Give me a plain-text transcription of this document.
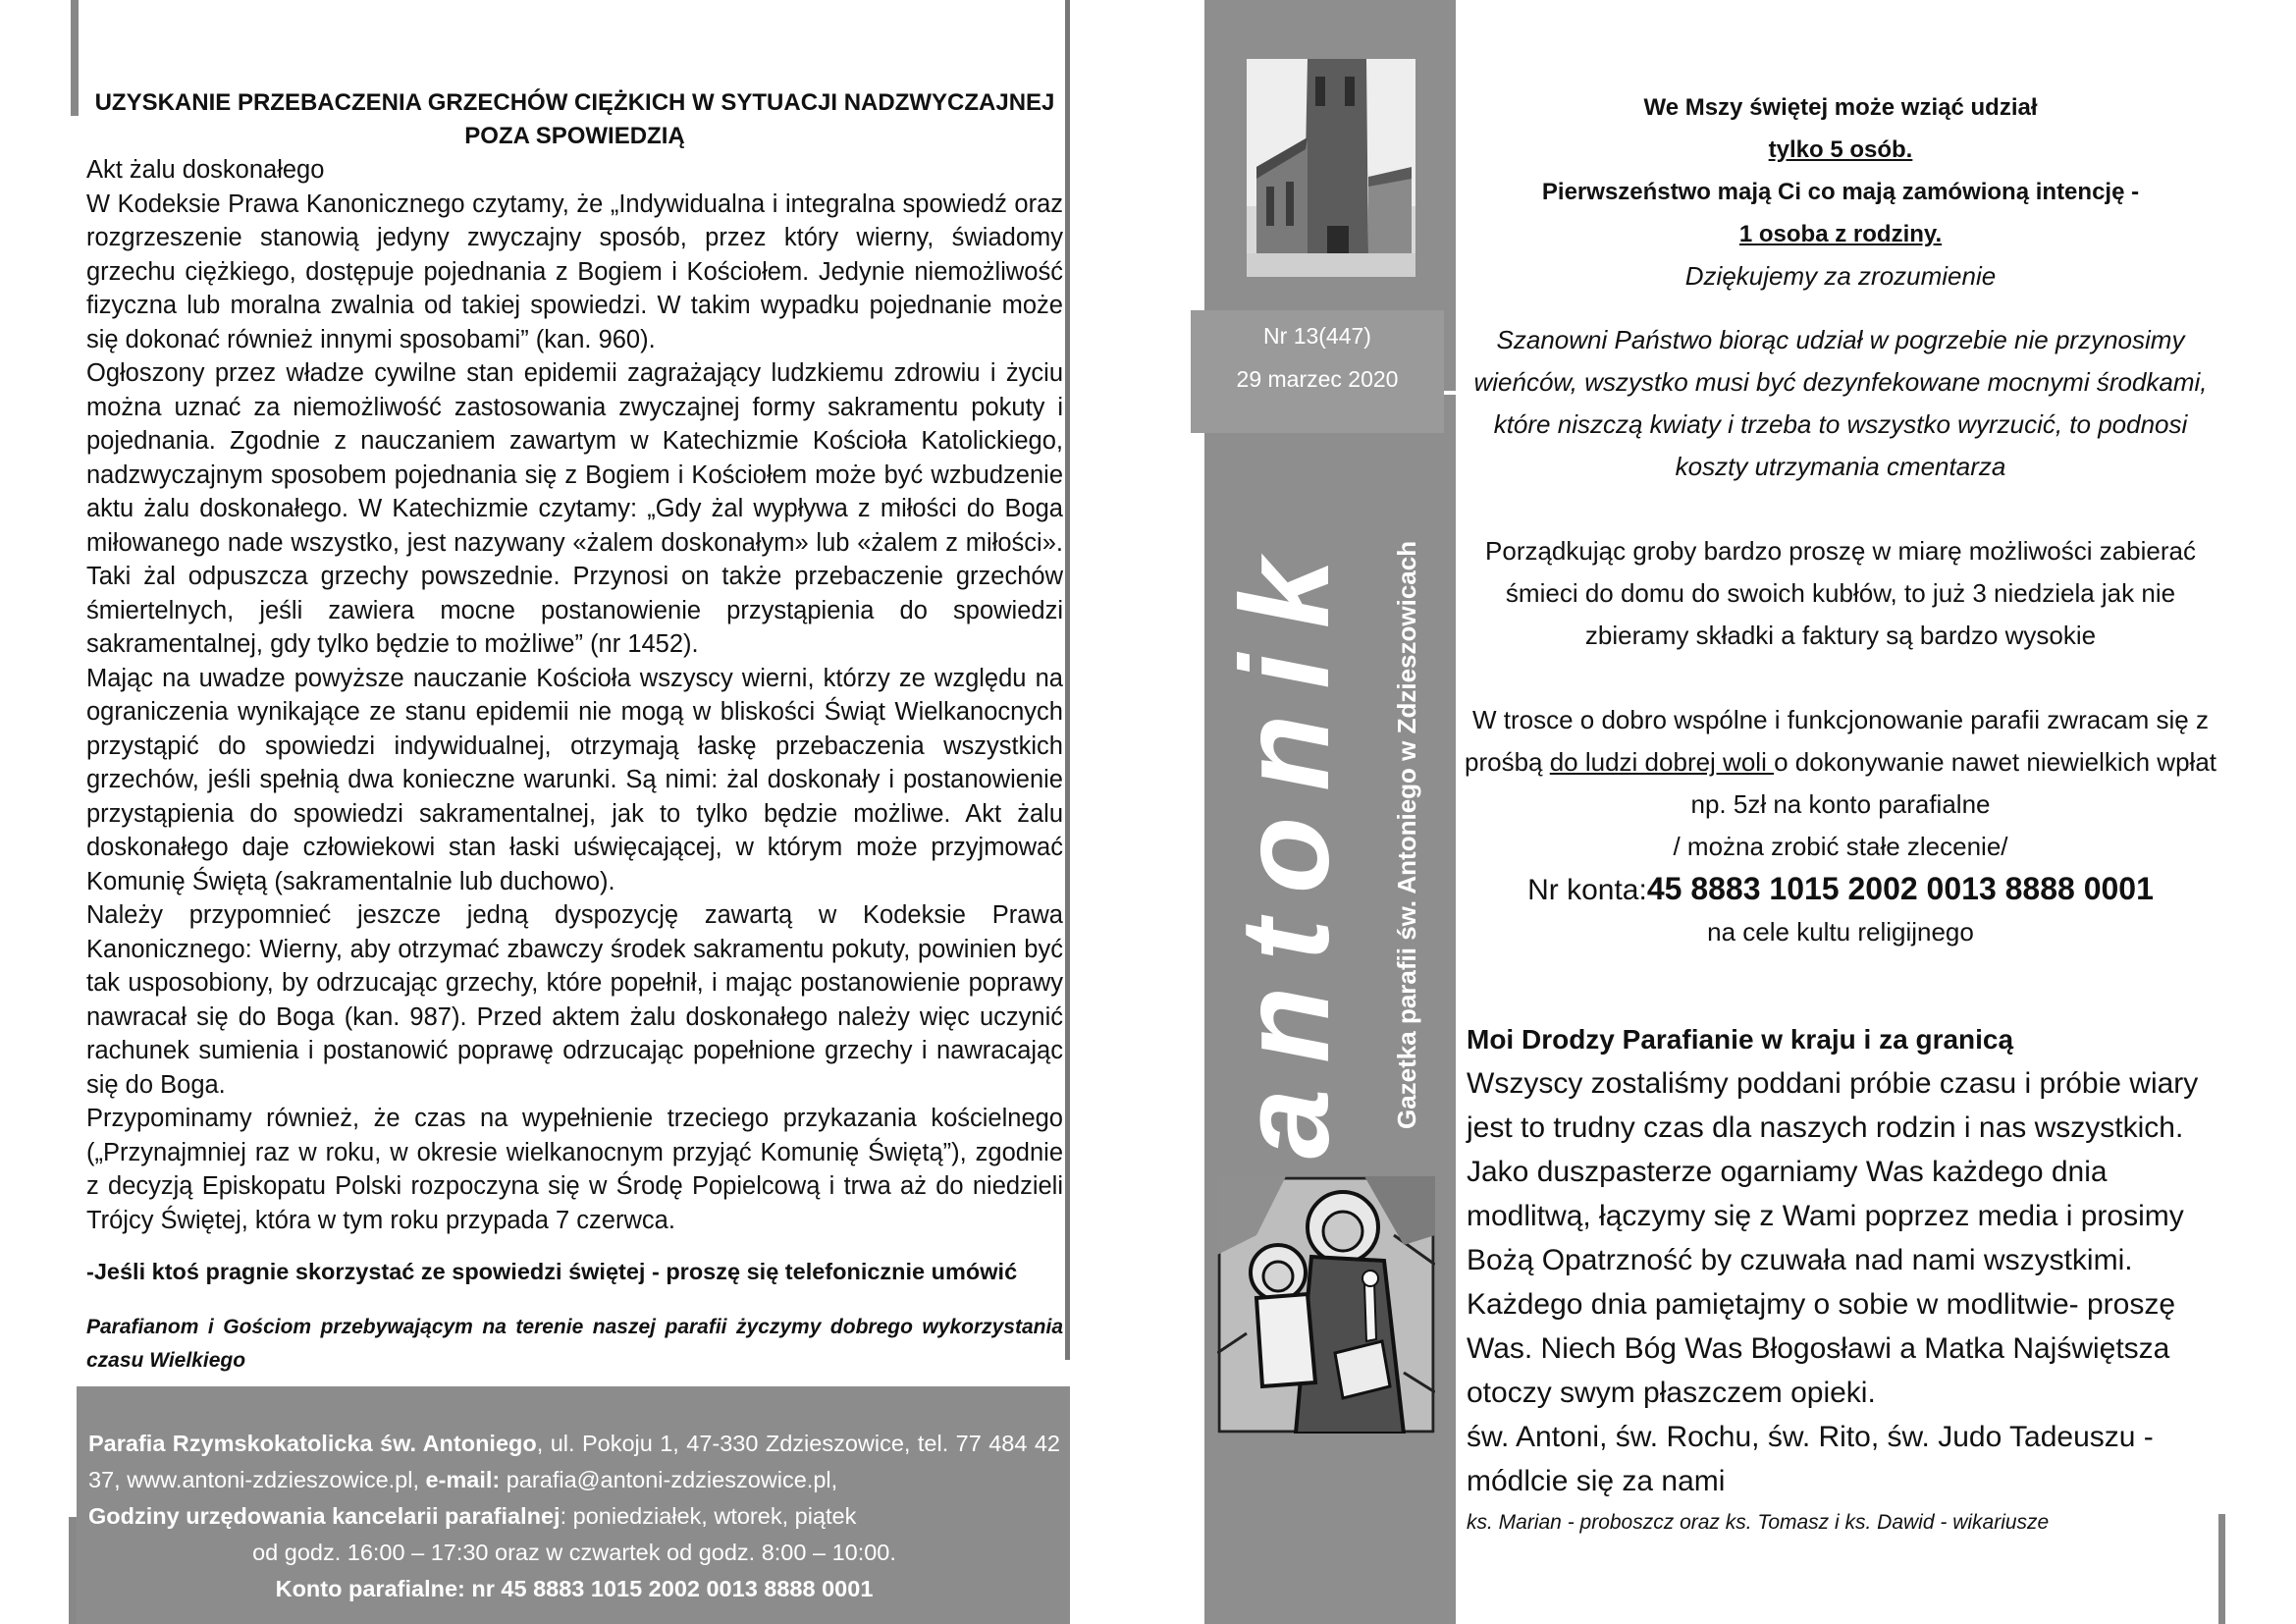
UZYSKANIE PRZEBACZENIA GRZECHÓW CIĘŻKICH W SYTUACJI NADZWYCZAJNEJ
POZA SPOWIEDZIĄ

Akt żalu doskonałego

W Kodeksie Prawa Kanonicznego czytamy, że „Indywidualna i integralna spowiedź oraz rozgrzeszenie stanowią jedyny zwyczajny sposób, przez który wierny, świadomy grzechu ciężkiego, dostępuje pojednania z Bogiem i Kościołem. Jedynie niemożliwość fizyczna lub moralna zwalnia od takiej spowiedzi. W takim wypadku pojednanie może się dokonać również innymi sposobami” (kan. 960).

Ogłoszony przez władze cywilne stan epidemii zagrażający ludzkiemu zdrowiu i życiu można uznać za niemożliwość zastosowania zwyczajnej formy sakramentu pokuty i pojednania. Zgodnie z nauczaniem zawartym w Katechizmie Kościoła Katolickiego, nadzwyczajnym sposobem pojednania się z Bogiem i Kościołem może być wzbudzenie aktu żalu doskonałego. W Katechizmie czytamy: „Gdy żal wypływa z miłości do Boga miłowanego nade wszystko, jest nazywany «żalem doskonałym» lub «żalem z miłości». Taki żal odpuszcza grzechy powszednie. Przynosi on także przebaczenie grzechów śmiertelnych, jeśli zawiera mocne postanowienie przystąpienia do spowiedzi sakramentalnej, gdy tylko będzie to możliwe” (nr 1452).

Mając na uwadze powyższe nauczanie Kościoła wszyscy wierni, którzy ze względu na ograniczenia wynikające ze stanu epidemii nie mogą w bliskości Świąt Wielkanocnych przystąpić do spowiedzi indywidualnej, otrzymają łaskę przebaczenia wszystkich grzechów, jeśli spełnią dwa konieczne warunki. Są nimi: żal doskonały i postanowienie przystąpienia do spowiedzi sakramentalnej, jak to tylko będzie możliwe. Akt żalu doskonałego daje człowiekowi stan łaski uświęcającej, w którym może przyjmować Komunię Świętą (sakramentalnie lub duchowo).

Należy przypomnieć jeszcze jedną dyspozycję zawartą w Kodeksie Prawa Kanonicznego: Wierny, aby otrzymać zbawczy środek sakramentu pokuty, powinien być tak usposobiony, by odrzucając grzechy, które popełnił, i mając postanowienie poprawy nawracał się do Boga (kan. 987). Przed aktem żalu doskonałego należy więc uczynić rachunek sumienia i postanowić poprawę odrzucając popełnione grzechy i nawracając się do Boga.

Przypominamy również, że czas na wypełnienie trzeciego przykazania kościelnego („Przynajmniej raz w roku, w okresie wielkanocnym przyjąć Komunię Świętą”), zgodnie z decyzją Episkopatu Polski rozpoczyna się w Środę Popielcową i trwa aż do niedzieli Trójcy Świętej, która w tym roku przypada 7 czerwca.

-Jeśli ktoś pragnie skorzystać ze spowiedzi świętej - proszę się telefonicznie umówić

Parafianom i Gościom przebywającym na terenie naszej parafii życzymy dobrego wykorzystania czasu Wielkiego

Parafia Rzymskokatolicka św. Antoniego, ul. Pokoju 1, 47-330 Zdzieszowice, tel. 77 484 42 37, www.antoni-zdzieszowice.pl, e-mail: parafia@antoni-zdzieszowice.pl,

Godziny urzędowania kancelarii parafialnej: poniedziałek, wtorek, piątek

od godz. 16:00 – 17:30 oraz w czwartek od godz. 8:00 – 10:00.

Konto parafialne: nr 45 8883 1015 2002 0013 8888 0001

Nr 13(447)
29 marzec 2020
antonik Gazetka parafii św. Antoniego w Zdzieszowicach

We Mszy świętej może wziąć udział

tylko 5 osób.

Pierwszeństwo mają Ci co mają zamówioną intencję -

1 osoba z rodziny.

Dziękujemy za zrozumienie

Szanowni Państwo biorąc udział w pogrzebie nie przynosimy wieńców, wszystko musi być dezynfekowane mocnymi środkami, które niszczą kwiaty i trzeba to wszystko wyrzucić, to podnosi koszty utrzymania cmentarza

Porządkując groby bardzo proszę w miarę możliwości zabierać śmieci do domu do swoich kubłów, to już 3 niedziela jak nie zbieramy składki a faktury są bardzo wysokie

W trosce o dobro wspólne i funkcjonowanie parafii zwracam się z prośbą do ludzi dobrej woli o dokonywanie nawet niewielkich wpłat np. 5zł na konto parafialne

/ można zrobić stałe zlecenie/

Nr konta:45 8883 1015 2002 0013 8888 0001

na cele kultu religijnego

Moi Drodzy Parafianie w kraju i za granicą

Wszyscy zostaliśmy poddani próbie czasu i próbie wiary jest to trudny czas dla naszych rodzin i nas wszystkich. Jako duszpasterze ogarniamy Was każdego dnia modlitwą, łączymy się z Wami poprzez media i prosimy Bożą Opatrzność by czuwała nad nami wszystkimi. Każdego dnia pamiętajmy o sobie w modlitwie- proszę Was. Niech Bóg Was Błogosławi a Matka Najświętsza otoczy swym płaszczem opieki.

św. Antoni, św. Rochu, św. Rito, św. Judo Tadeuszu - módlcie się za nami

ks. Marian - proboszcz oraz ks. Tomasz i ks. Dawid - wikariusze
